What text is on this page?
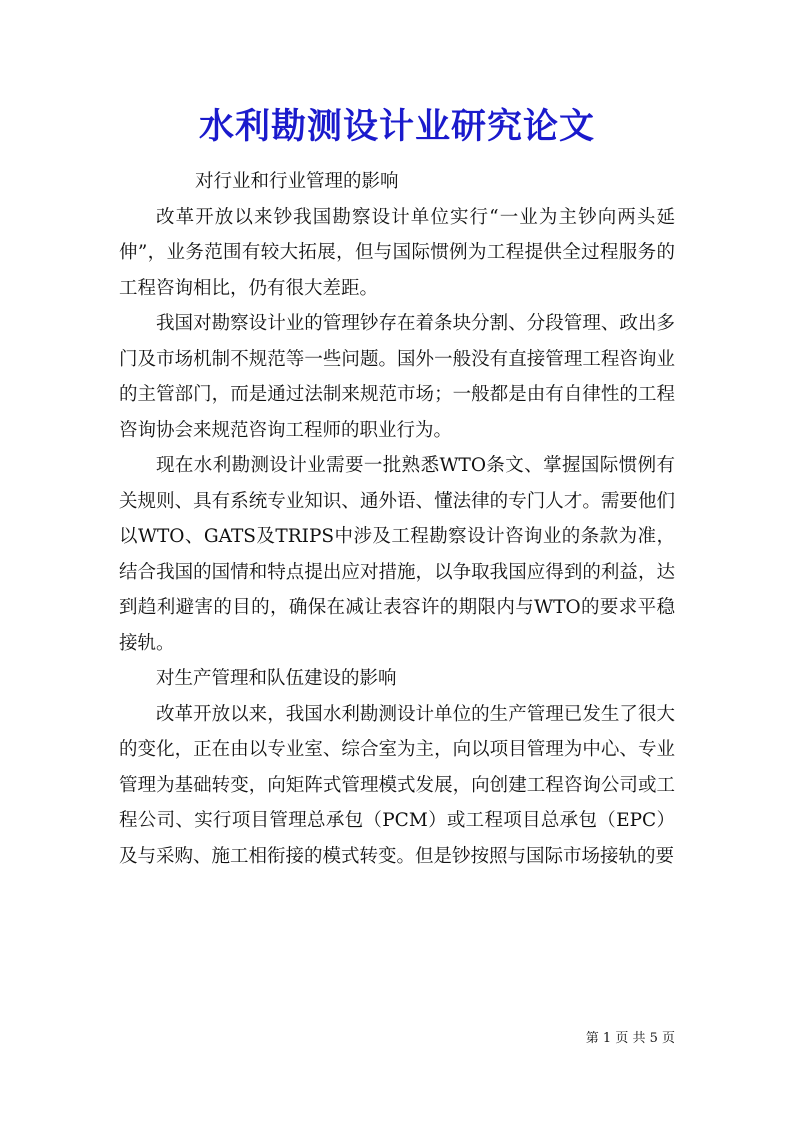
水利勘测设计业研究论文

对行业和行业管理的影响

改革开放以来钞我国勘察设计单位实行“一业为主钞向两头延伸”，业务范围有较大拓展，但与国际惯例为工程提供全过程服务的工程咨询相比，仍有很大差距。

我国对勘察设计业的管理钞存在着条块分割、分段管理、政出多门及市场机制不规范等一些问题。国外一般没有直接管理工程咨询业的主管部门，而是通过法制来规范市场；一般都是由有自律性的工程咨询协会来规范咨询工程师的职业行为。

现在水利勘测设计业需要一批熟悉WTO条文、掌握国际惯例有关规则、具有系统专业知识、通外语、懂法律的专门人才。需要他们以WTO、GATS及TRIPS中涉及工程勘察设计咨询业的条款为准，结合我国的国情和特点提出应对措施，以争取我国应得到的利益，达到趋利避害的目的，确保在减让表容许的期限内与WTO的要求平稳接轨。

对生产管理和队伍建设的影响

改革开放以来，我国水利勘测设计单位的生产管理已发生了很大的变化，正在由以专业室、综合室为主，向以项目管理为中心、专业管理为基础转变，向矩阵式管理模式发展，向创建工程咨询公司或工程公司、实行项目管理总承包（PCM）或工程项目总承包（EPC）及与采购、施工相衔接的模式转变。但是钞按照与国际市场接轨的要

第 1 页 共 5 页
